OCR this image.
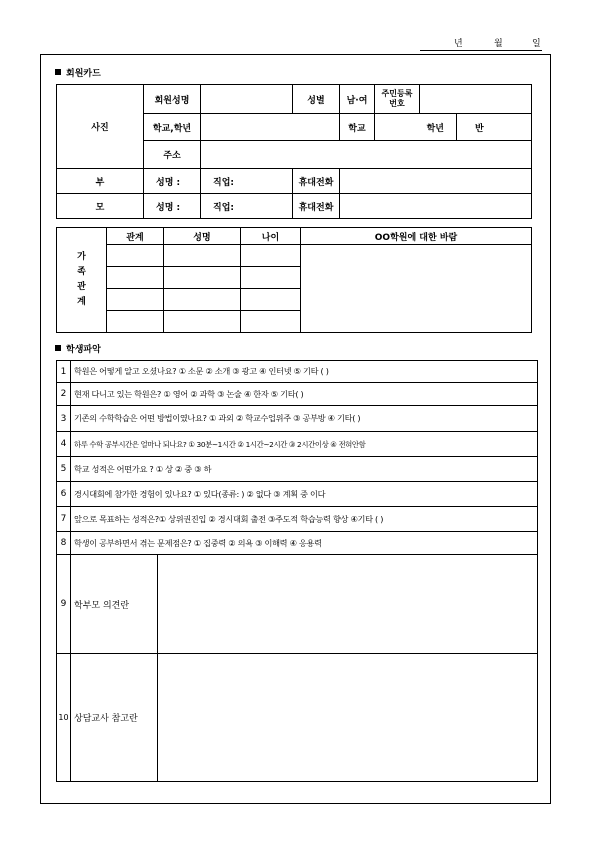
년	월	일
회원카드
사진	회원성명		성별	남·여	주민등록번호		
	학교,학년			학교	학년		반
	주소						
부	성명 :	직업:	휴대전화				
모	성명 :	직업:	휴대전화				
가족관계	관계	성명	나이	OO학원에 대한 바람

학생파악
1	학원은 어떻게 알고 오셨나요? ① 소문 ② 소개 ③ 광고 ④ 인터넷 ⑤ 기타 ( )	
2	현재 다니고 있는 학원은? ① 영어 ② 과학 ③ 논술 ④ 한자 ⑤ 기타( )	
3	기존의 수학학습은 어떤 방법이였나요? ① 과외 ② 학교수업위주 ③ 공부방 ④ 기타( )	
4	하루 수학 공부시간은 얼마나 되나요? ① 30분~1시간 ② 1시간~2시간 ③ 2시간이상 ④ 전혀안함	
5	학교 성적은 어떤가요 ? ① 상 ② 중 ③ 하	
6	경시대회에 참가한 경험이 있나요? ① 있다(종류: ) ② 없다 ③ 계획 중 이다	
7	앞으로 목표하는 성적은?① 상위권진입 ② 경시대회 출전 ③주도적 학습능력 향상 ④기타 ( )	
8	학생이 공부하면서 겪는 문제점은? ① 집중력 ② 의욕 ③ 이해력 ④ 응용력	
9	학부모 의견란	
10	상담교사 참고란	
